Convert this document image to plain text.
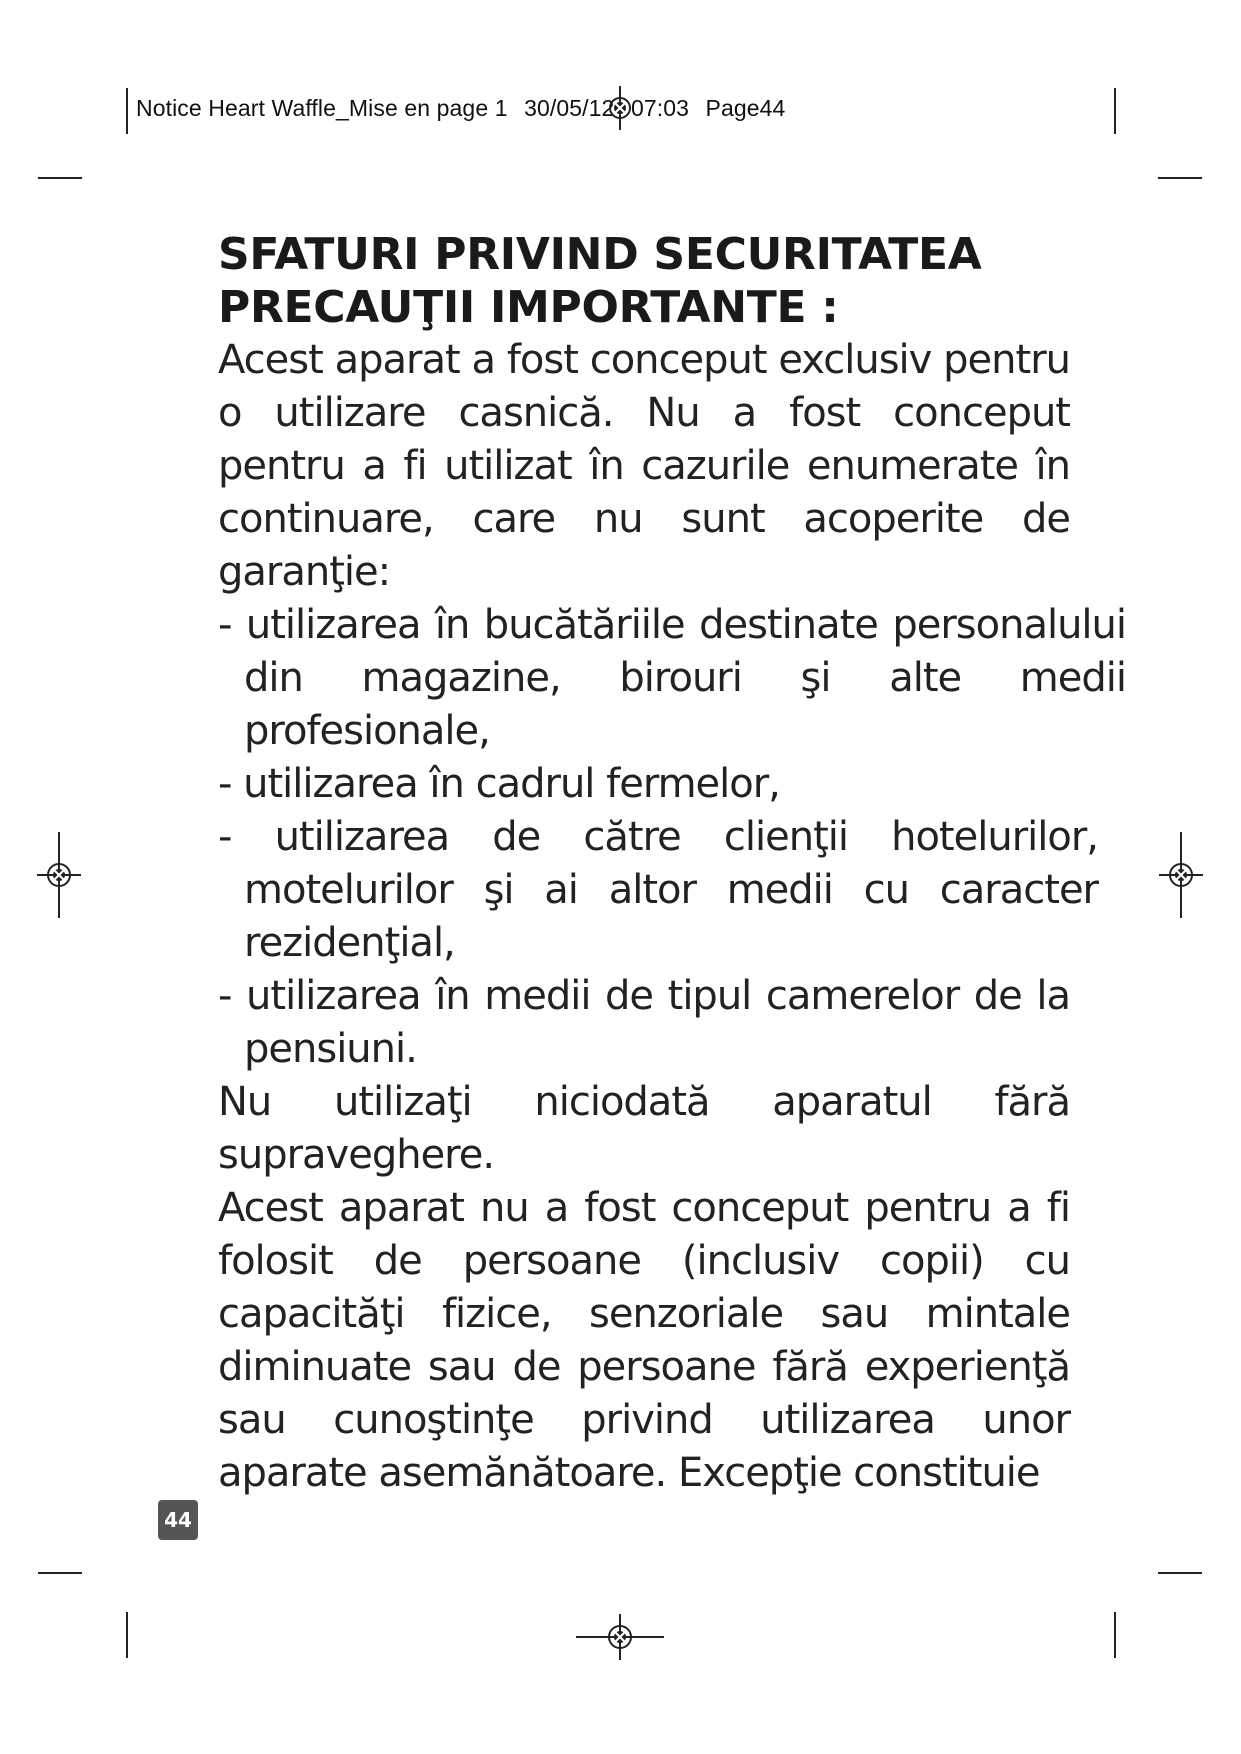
Notice Heart Waffle_Mise en page 1 30/05/12 07:03 Page44
SFATURI PRIVIND SECURITATEA
PRECAUŢII IMPORTANTE :

Acest aparat a fost conceput exclusiv pentru o utilizare casnică. Nu a fost conceput pentru a fi utilizat în cazurile enumerate în continuare, care nu sunt acoperite de garanţie:

- utilizarea în bucătăriile destinate personalului din magazine, birouri şi alte medii profesionale,
- utilizarea în cadrul fermelor,
- utilizarea de către clienţii hotelurilor, motelurilor şi ai altor medii cu caracter rezidenţial,
- utilizarea în medii de tipul camerelor de la pensiuni.

Nu utilizaţi niciodată aparatul fără supraveghere.

Acest aparat nu a fost conceput pentru a fi folosit de persoane (inclusiv copii) cu capacităţi fizice, senzoriale sau mintale diminuate sau de persoane fără experienţă sau cunoştinţe privind utilizarea unor aparate asemănătoare. Excepţie constituie

44
